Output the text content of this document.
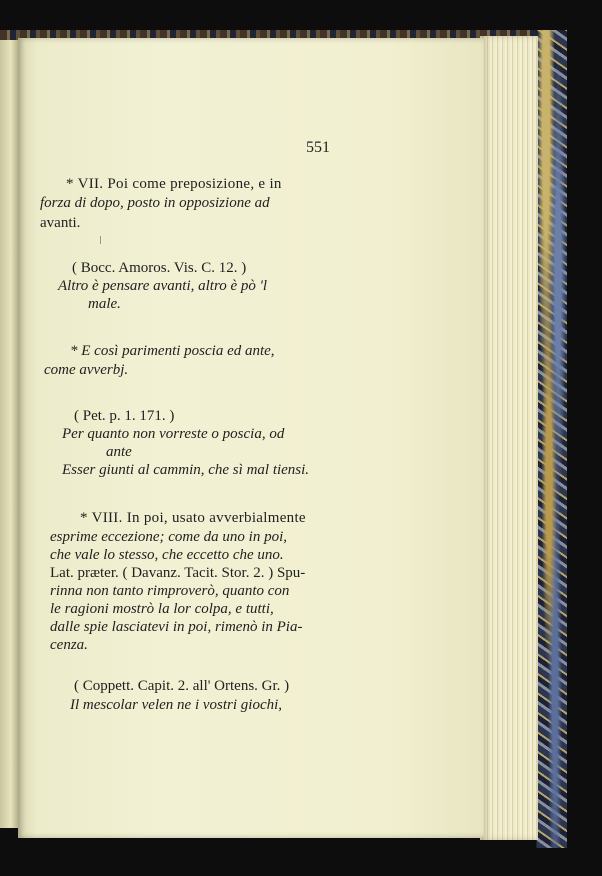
551
* VII. Poi come preposizione, e in
forza di dopo, posto in opposizione ad
avanti.
( Bocc. Amoros. Vis. C. 12. )
Altro è pensare avanti, altro è pò 'l
male.
* E così parimenti poscia ed ante,
come avverbj.
( Pet. p. 1. 171. )
Per quanto non vorreste o poscia, od
ante
Esser giunti al cammin, che sì mal tiensi.
* VIII. In poi, usato avverbialmente
esprime eccezione; come da uno in poi,
che vale lo stesso, che eccetto che uno.
Lat. præter. ( Davanz. Tacit. Stor. 2. ) Spu-
rinna non tanto rimproverò, quanto con
le ragioni mostrò la lor colpa, e tutti,
dalle spie lasciatevi in poi, rimenò in Pia-
cenza.
( Coppett. Capit. 2. all' Ortens. Gr. )
Il mescolar velen ne i vostri giochi,
